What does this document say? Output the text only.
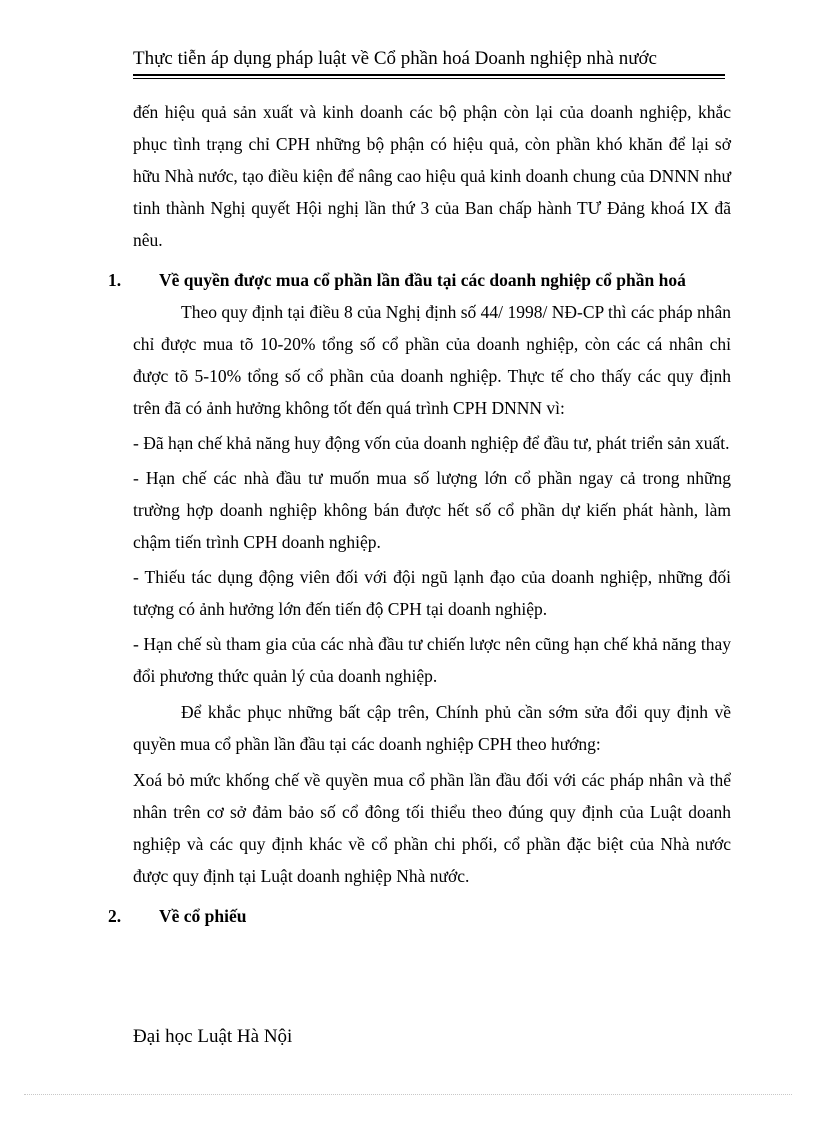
Thực tiễn áp dụng pháp luật về Cổ phần hoá Doanh nghiệp nhà nước

đến hiệu quả sản xuất và kinh doanh các bộ phận còn lại của doanh nghiệp, khắc phục tình trạng chỉ CPH những bộ phận có hiệu quả, còn phần khó khăn để lại sở hữu Nhà nước, tạo điều kiện để nâng cao hiệu quả kinh doanh chung của DNNN như tinh thành Nghị quyết Hội nghị lần thứ 3 của Ban chấp hành TƯ Đảng khoá IX đã nêu.

1. Về quyền được mua cổ phần lần đầu tại các doanh nghiệp cổ phần hoá

Theo quy định tại điều 8 của Nghị định số 44/ 1998/ NĐ-CP thì các pháp nhân chỉ được mua tõ 10-20% tổng số cổ phần của doanh nghiệp, còn các cá nhân chỉ được tõ 5-10% tổng số cổ phần của doanh nghiệp. Thực tế cho thấy các quy định trên đã có ảnh hưởng không tốt đến quá trình CPH DNNN vì:

- Đã hạn chế khả năng huy động vốn của doanh nghiệp để đầu tư, phát triển sản xuất.

- Hạn chế các nhà đầu tư muốn mua số lượng lớn cổ phần ngay cả trong những trường hợp doanh nghiệp không bán được hết số cổ phần dự kiến phát hành, làm chậm tiến trình CPH doanh nghiệp.

- Thiếu tác dụng động viên đối với đội ngũ lạnh đạo của doanh nghiệp, những đối tượng có ảnh hưởng lớn đến tiến độ CPH tại doanh nghiệp.

- Hạn chế sù tham gia của các nhà đầu tư chiến lược nên cũng hạn chế khả năng thay đổi phương thức quản lý của doanh nghiệp.

Để khắc phục những bất cập trên, Chính phủ cần sớm sửa đổi quy định về quyền mua cổ phần lần đầu tại các doanh nghiệp CPH theo hướng:

Xoá bỏ mức khống chế về quyền mua cổ phần lần đầu đối với các pháp nhân và thể nhân trên cơ sở đảm bảo số cổ đông tối thiểu theo đúng quy định của Luật doanh nghiệp và các quy định khác về cổ phần chi phối, cổ phần đặc biệt của Nhà nước được quy định tại Luật doanh nghiệp Nhà nước.

2. Về cổ phiếu
Đại học Luật Hà Nội
